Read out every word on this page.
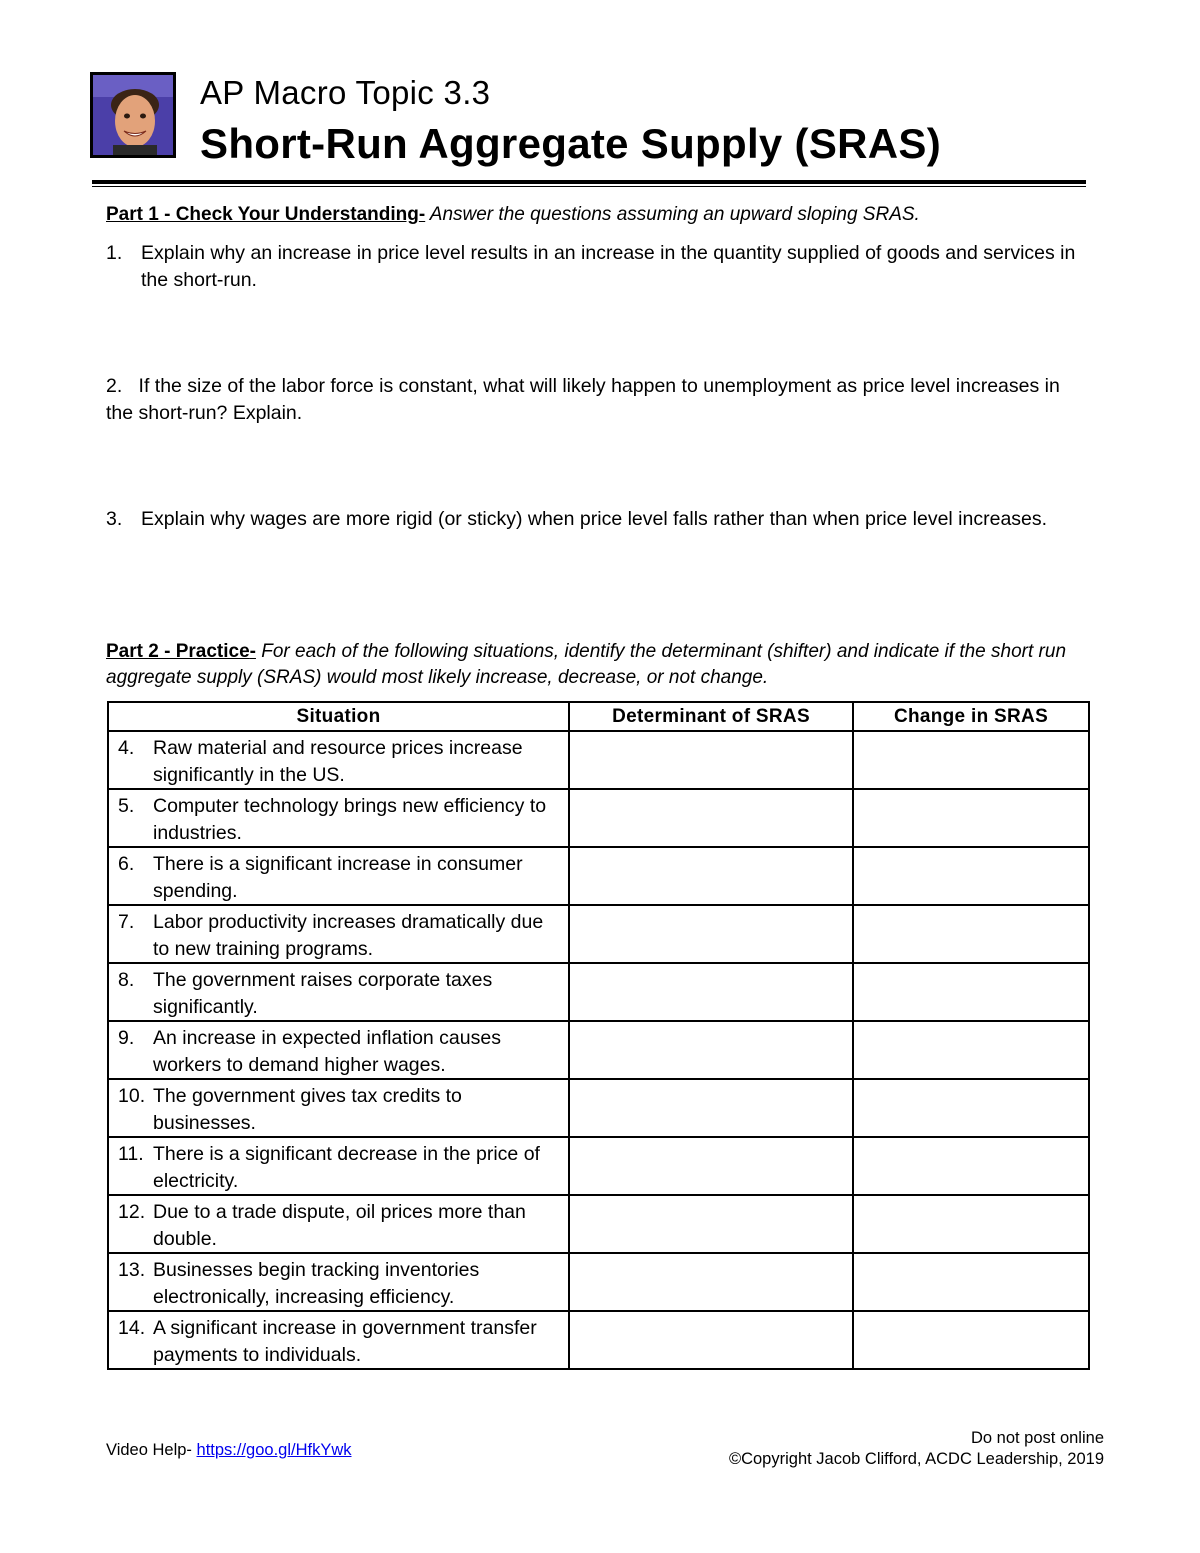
AP Macro Topic 3.3
Short-Run Aggregate Supply (SRAS)
Part 1 - Check Your Understanding- Answer the questions assuming an upward sloping SRAS.
1. Explain why an increase in price level results in an increase in the quantity supplied of goods and services in the short-run.
2. If the size of the labor force is constant, what will likely happen to unemployment as price level increases in the short-run? Explain.
3. Explain why wages are more rigid (or sticky) when price level falls rather than when price level increases.
Part 2 - Practice- For each of the following situations, identify the determinant (shifter) and indicate if the short run aggregate supply (SRAS) would most likely increase, decrease, or not change.
Situation	Determinant of SRAS	Change in SRAS

4. Raw material and resource prices increase significantly in the US.		

5. Computer technology brings new efficiency to industries.		

6. There is a significant increase in consumer spending.		

7. Labor productivity increases dramatically due to new training programs.		

8. The government raises corporate taxes significantly.		

9. An increase in expected inflation causes workers to demand higher wages.		

10. The government gives tax credits to businesses.		

11. There is a significant decrease in the price of electricity.		

12. Due to a trade dispute, oil prices more than double.		

13. Businesses begin tracking inventories electronically, increasing efficiency.		

14. A significant increase in government transfer payments to individuals.		

Video Help- https://goo.gl/HfkYwk
Do not post online
©Copyright Jacob Clifford, ACDC Leadership, 2019
